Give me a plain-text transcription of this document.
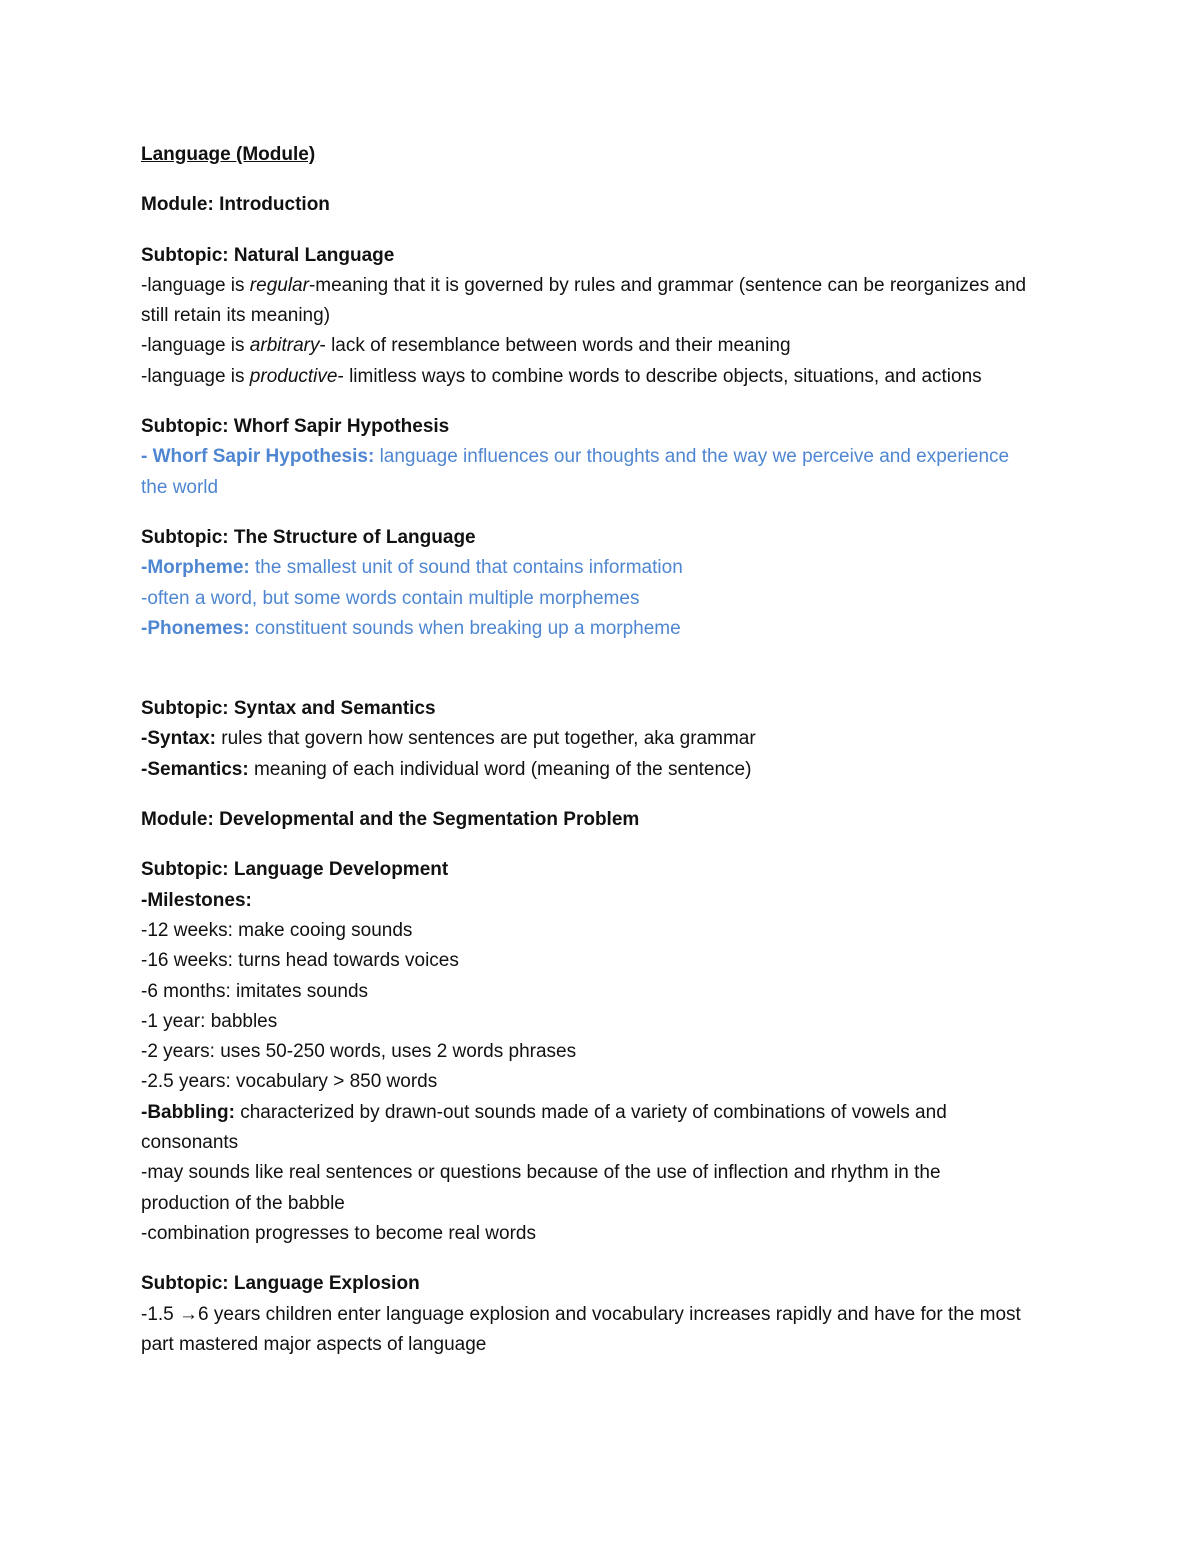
Language (Module)
Module: Introduction
Subtopic: Natural Language
-language is regular-meaning that it is governed by rules and grammar (sentence can be reorganizes and
still retain its meaning)
-language is arbitrary- lack of resemblance between words and their meaning
-language is productive- limitless ways to combine words to describe objects, situations, and actions
Subtopic: Whorf Sapir Hypothesis
- Whorf Sapir Hypothesis: language influences our thoughts and the way we perceive and experience
the world
Subtopic: The Structure of Language
-Morpheme: the smallest unit of sound that contains information
-often a word, but some words contain multiple morphemes
-Phonemes: constituent sounds when breaking up a morpheme
Subtopic: Syntax and Semantics
-Syntax: rules that govern how sentences are put together, aka grammar
-Semantics: meaning of each individual word (meaning of the sentence)
Module: Developmental and the Segmentation Problem
Subtopic: Language Development
-Milestones:
-12 weeks: make cooing sounds
-16 weeks: turns head towards voices
-6 months: imitates sounds
-1 year: babbles
-2 years: uses 50-250 words, uses 2 words phrases
-2.5 years: vocabulary > 850 words
-Babbling: characterized by drawn-out sounds made of a variety of combinations of vowels and
consonants
-may sounds like real sentences or questions because of the use of inflection and rhythm in the
production of the babble
-combination progresses to become real words
Subtopic: Language Explosion
-1.5 →6 years children enter language explosion and vocabulary increases rapidly and have for the most
part mastered major aspects of language
